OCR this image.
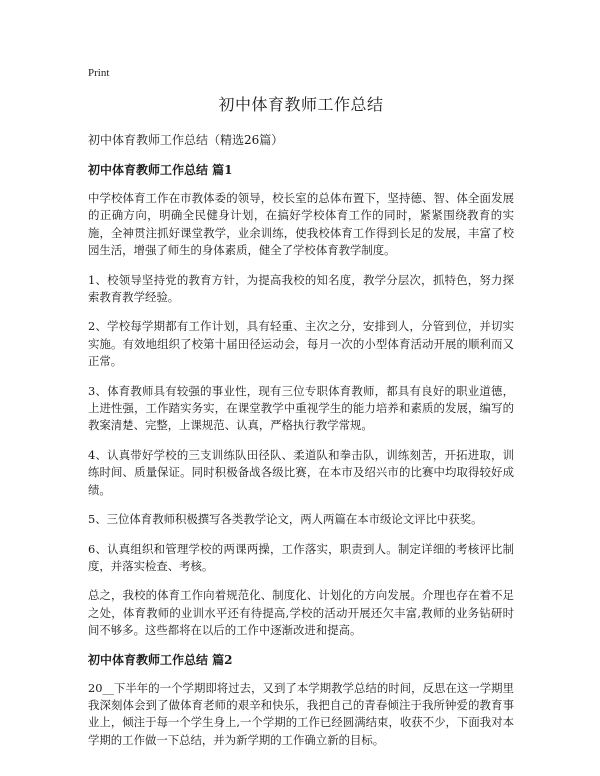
Print
初中体育教师工作总结
初中体育教师工作总结（精选26篇）
初中体育教师工作总结 篇1

中学校体育工作在市教体委的领导，校长室的总体布置下，坚持德、智、体全面发展的正确方向，明确全民健身计划，在搞好学校体育工作的同时，紧紧围绕教育的实施，全神贯注抓好课堂教学，业余训练，使我校体育工作得到长足的发展，丰富了校园生活，增强了师生的身体素质，健全了学校体育教学制度。

1、校领导坚持党的教育方针，为提高我校的知名度，教学分层次，抓特色，努力探索教育教学经验。

2、学校每学期都有工作计划，具有轻重、主次之分，安排到人，分管到位，并切实实施。有效地组织了校第十届田径运动会，每月一次的小型体育活动开展的顺利而又正常。

3、体育教师具有较强的事业性，现有三位专职体育教师，都具有良好的职业道德，上进性强，工作踏实务实，在课堂教学中重视学生的能力培养和素质的发展，编写的教案清楚、完整，上课规范、认真，严格执行教学常规。

4、认真带好学校的三支训练队田径队、柔道队和拳击队，训练刻苦，开拓进取，训练时间、质量保证。同时积极备战各级比赛，在本市及绍兴市的比赛中均取得较好成绩。

5、三位体育教师积极撰写各类教学论文，两人两篇在本市级论文评比中获奖。

6、认真组织和管理学校的两课两操，工作落实，职责到人。制定详细的考核评比制度，并落实检查、考核。

总之，我校的体育工作向着规范化、制度化、计划化的方向发展。介理也存在着不足之处，体育教师的业训水平还有待提高,学校的活动开展还欠丰富,教师的业务钻研时间不够多。这些都将在以后的工作中逐渐改进和提高。

初中体育教师工作总结 篇2

20__下半年的一个学期即将过去，又到了本学期教学总结的时间，反思在这一学期里我深刻体会到了做体育老师的艰辛和快乐，我把自己的青春倾注于我所钟爱的教育事业上，倾注于每一个学生身上,一个学期的工作已经圆满结束，收获不少，下面我对本学期的工作做一下总结，并为新学期的工作确立新的目标。
